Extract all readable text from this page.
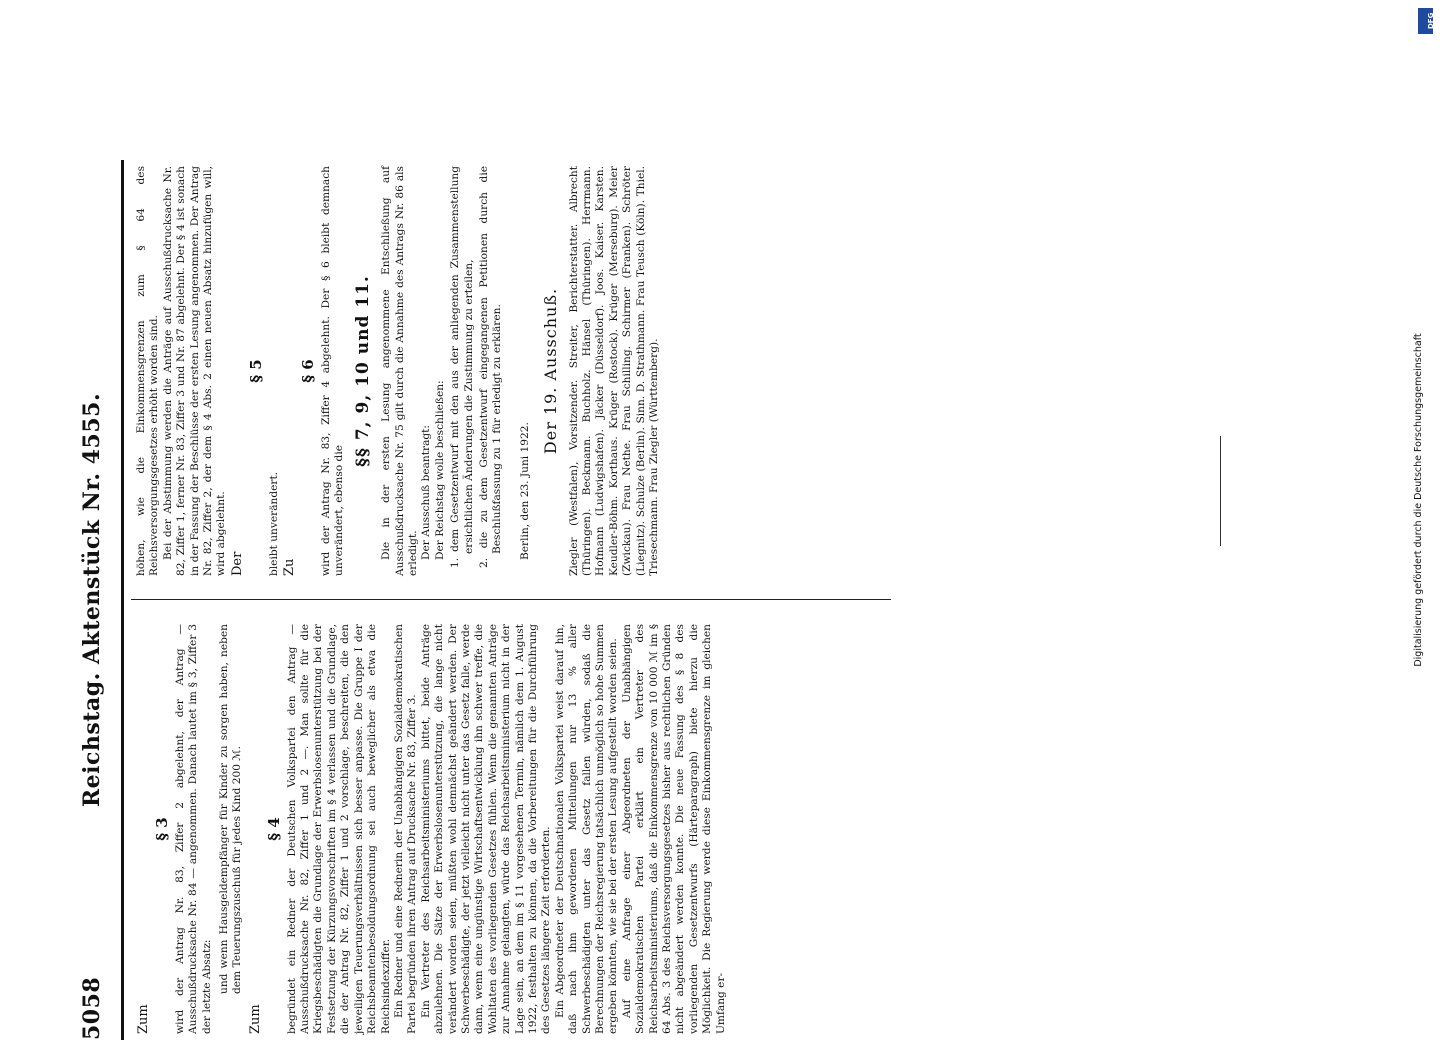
5058
Reichstag. Aktenstück Nr. 4555.
Zum
§ 3 wird der Antrag Nr. 83, Ziffer 2 abgelehnt, der Antrag — Ausschußdrucksache Nr. 84 — angenommen. Danach lautet im § 3, Ziffer 3 der letzte Absatz: und wenn Hausgeldempfänger für Kinder zu sorgen haben, neben dem Teuerungszuschuß für jedes Kind 200 ℳ.

Zum
§ 4 begründet ein Redner der Deutschen Volkspartei den Antrag — Ausschußdrucksache Nr. 82, Ziffer 1 und 2 —. Man sollte für die Kriegsbeschädigten die Grundlage der Erwerbslosenunterstützung bei der Festsetzung der Kürzungsvorschriften im § 4 verlassen und die Grundlage, die der Antrag Nr. 82, Ziffer 1 und 2 vorschlage, beschreiten, die den jeweiligen Teuerungsverhältnissen sich besser anpasse. Die Gruppe I der Reichsbeamtenbesoldungsordnung sei auch beweglicher als etwa die Reichsindexziffer. Ein Redner und eine Rednerin der Unabhängigen Sozialdemokratischen Partei begründen ihren Antrag auf Drucksache Nr. 83, Ziffer 3. Ein Vertreter des Reichsarbeitsministeriums bittet, beide Anträge abzulehnen. Die Sätze der Erwerbslosenunterstützung, die lange nicht verändert worden seien, müßten wohl demnächst geändert werden. Der Schwerbeschädigte, der jetzt vielleicht nicht unter das Gesetz falle, werde dann, wenn eine ungünstige Wirtschaftsentwicklung ihn schwer treffe, die Wohltaten des vorliegenden Gesetzes fühlen. Wenn die genannten Anträge zur Annahme gelangten, würde das Reichsarbeitsministerium nicht in der Lage sein, an dem im § 11 vorgesehenen Termin, nämlich dem 1. August 1922, festhalten zu können, da die Vorbereitungen für die Durchführung des Gesetzes längere Zeit erforderten. Ein Abgeordneter der Deutschnationalen Volkspartei weist darauf hin, daß nach ihm gewordenen Mitteilungen nur 13 % aller Schwerbeschädigten unter das Gesetz fallen würden, sodaß die Berechnungen der Reichsregierung tatsächlich unmöglich so hohe Summen ergeben könnten, wie sie bei der ersten Lesung aufgestellt worden seien. Auf eine Anfrage einer Abgeordneten der Unabhängigen Sozialdemokratischen Partei erklärt ein Vertreter des Reichsarbeitsministeriums, daß die Einkommensgrenze von 10 000 ℳ im § 64 Abs. 3 des Reichsversorgungsgesetzes bisher aus rechtlichen Gründen nicht abgeändert werden konnte. Die neue Fassung des § 8 des vorliegenden Gesetzentwurfs (Härteparagraph) biete hierzu die Möglichkeit. Die Regierung werde diese Einkommensgrenze im gleichen Umfang er-

höhen, wie die Einkommensgrenzen zum § 64 des Reichsversorgungsgesetzes erhöht worden sind. Bei der Abstimmung werden die Anträge auf Ausschußdrucksache Nr. 82, Ziffer 1, ferner Nr. 83, Ziffer 3 und Nr. 87 abgelehnt. Der § 4 ist sonach in der Fassung der Beschlüsse der ersten Lesung angenommen. Der Antrag Nr. 82, Ziffer 2, der dem § 4 Abs. 2 einen neuen Absatz hinzufügen will, wird abgelehnt. Der
§ 5

bleibt unverändert. Zu
§ 6 wird der Antrag Nr. 83, Ziffer 4 abgelehnt. Der § 6 bleibt demnach unverändert, ebenso die

§§ 7, 9, 10 und 11. Die in der ersten Lesung angenommene Entschließung auf Ausschußdrucksache Nr. 75 gilt durch die Annahme des Antrags Nr. 86 als erledigt. Der Ausschuß beantragt: Der Reichstag wolle beschließen: 1. dem Gesetzentwurf mit den aus der anliegenden Zusammenstellung ersichtlichen Änderungen die Zustimmung zu erteilen, 2. die zu dem Gesetzentwurf eingegangenen Petitionen durch die Beschlußfassung zu 1 für erledigt zu erklären. Berlin, den 23. Juni 1922.

Der 19. Ausschuß. Ziegler (Westfalen), Vorsitzender. Streiter, Berichterstatter. Albrecht (Thüringen). Beckmann. Buchholz. Hänsel (Thüringen). Herrmann. Hofmann (Ludwigshafen). Jäcker (Düsseldorf). Joos. Kaiser. Karsten. Keudler-Böhm. Korthaus. Krüger (Rostock). Krüger (Merseburg). Meier (Zwickau). Frau Nethe. Frau Schilling. Schirmer (Franken). Schröter (Liegnitz). Schulze (Berlin). Sinn. D. Strathmann. Frau Teusch (Köln). Thiel. Triesechmann. Frau Ziegler (Württemberg).

DFG
Digitalisierung gefördert durch die Deutsche Forschungsgemeinschaft
